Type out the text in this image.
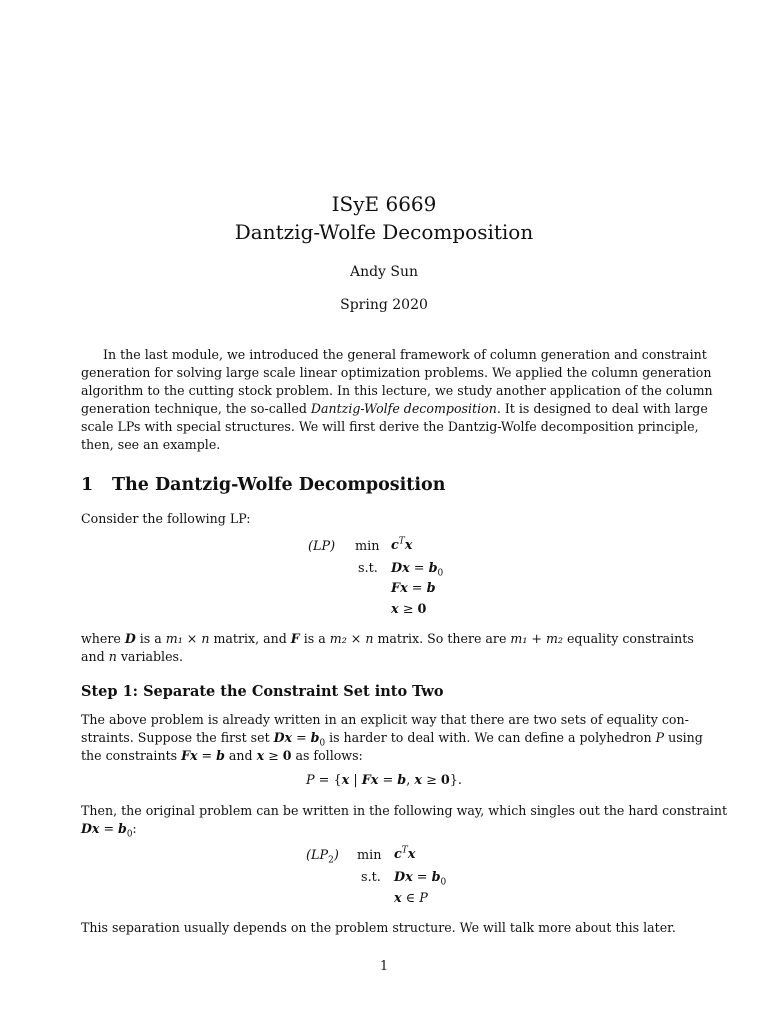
ISyE 6669
Dantzig-Wolfe Decomposition
Andy Sun
Spring 2020
In the last module, we introduced the general framework of column generation and constraint
generation for solving large scale linear optimization problems. We applied the column generation
algorithm to the cutting stock problem. In this lecture, we study another application of the column
generation technique, the so-called Dantzig-Wolfe decomposition. It is designed to deal with large
scale LPs with special structures. We will first derive the Dantzig-Wolfe decomposition principle,
then, see an example.
1 The Dantzig-Wolfe Decomposition
Consider the following LP:
(LP) $\min c^Tx$
s.t. $Dx = b_0$
Fx = b
x ≥ 0
where D is a m₁ × n matrix, and F is a m₂ × n matrix. So there are m₁ + m₂ equality constraints
and n variables.
Step 1: Separate the Constraint Set into Two
The above problem is already written in an explicit way that there are two sets of equality con-
straints. Suppose the first set $Dx = b_0$ is harder to deal with. We can define a polyhedron P using
the constraints Fx = b and x ≥ 0 as follows:
P = {x | Fx = b, x ≥ 0}.
Then, the original problem can be written in the following way, which singles out the hard constraint
$Dx = b_0$:
$(LP_2)$ $\min c^Tx$
s.t. $Dx = b_0$
x ∈ P
This separation usually depends on the problem structure. We will talk more about this later.
1
